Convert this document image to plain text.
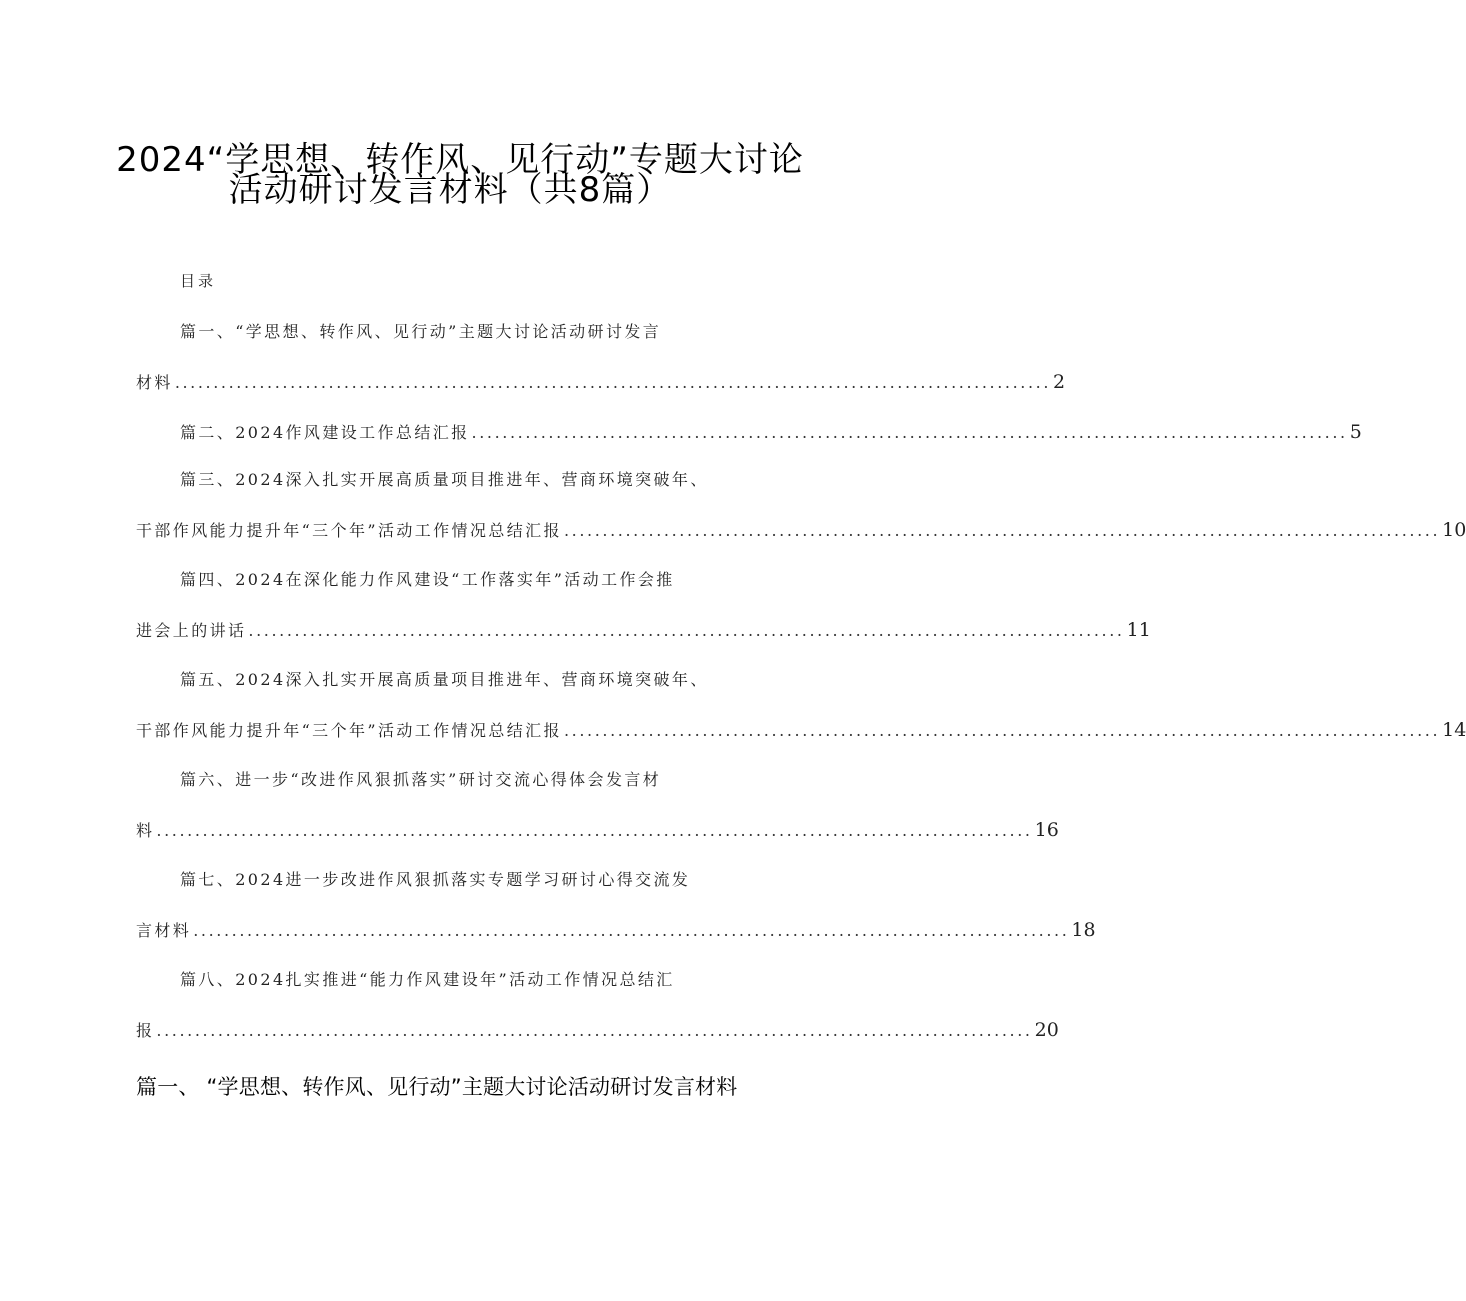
2024“学思想、转作风、见行动”专题大讨论
活动研讨发言材料（共8篇）
目录
篇一、“学思想、转作风、见行动”主题大讨论活动研讨发言
材料 .................................................................................................................. 2
篇二、2024作风建设工作总结汇报 .................................................................................................................. 5
篇三、2024深入扎实开展高质量项目推进年、营商环境突破年、
干部作风能力提升年“三个年”活动工作情况总结汇报 .................................................................................................................. 10
篇四、2024在深化能力作风建设“工作落实年”活动工作会推
进会上的讲话 .................................................................................................................. 11
篇五、2024深入扎实开展高质量项目推进年、营商环境突破年、
干部作风能力提升年“三个年”活动工作情况总结汇报 .................................................................................................................. 14
篇六、进一步“改进作风狠抓落实”研讨交流心得体会发言材
料 .................................................................................................................. 16
篇七、2024进一步改进作风狠抓落实专题学习研讨心得交流发
言材料 .................................................................................................................. 18
篇八、2024扎实推进“能力作风建设年”活动工作情况总结汇
报 .................................................................................................................. 20
篇一、 “学思想、转作风、见行动”主题大讨论活动研讨发言材料
